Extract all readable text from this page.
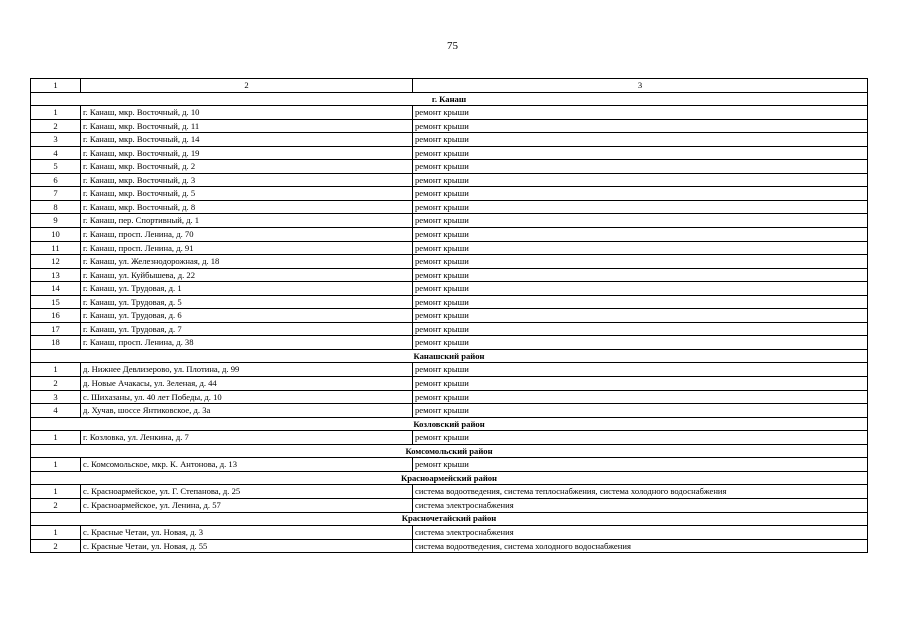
75
1	2	3
г. Канаш		
1	г. Канаш, мкр. Восточный, д. 10	ремонт крыши
2	г. Канаш, мкр. Восточный, д. 11	ремонт крыши
3	г. Канаш, мкр. Восточный, д. 14	ремонт крыши
4	г. Канаш, мкр. Восточный, д. 19	ремонт крыши
5	г. Канаш, мкр. Восточный, д. 2	ремонт крыши
6	г. Канаш, мкр. Восточный, д. 3	ремонт крыши
7	г. Канаш, мкр. Восточный, д. 5	ремонт крыши
8	г. Канаш, мкр. Восточный, д. 8	ремонт крыши
9	г. Канаш, пер. Спортивный, д. 1	ремонт крыши
10	г. Канаш, просп. Ленина, д. 70	ремонт крыши
11	г. Канаш, просп. Ленина, д. 91	ремонт крыши
12	г. Канаш, ул. Железнодорожная, д. 18	ремонт крыши
13	г. Канаш, ул. Куйбышева, д. 22	ремонт крыши
14	г. Канаш, ул. Трудовая, д. 1	ремонт крыши
15	г. Канаш, ул. Трудовая, д. 5	ремонт крыши
16	г. Канаш, ул. Трудовая, д. 6	ремонт крыши
17	г. Канаш, ул. Трудовая, д. 7	ремонт крыши
18	г. Канаш, просп. Ленина, д. 38	ремонт крыши
Канашский район		
1	д. Нижнее Девлизерово, ул. Плотина, д. 99	ремонт крыши
2	д. Новые Ачакасы, ул. Зеленая, д. 44	ремонт крыши
3	с. Шихазаны, ул. 40 лет Победы, д. 10	ремонт крыши
4	д. Хучав, шоссе Янтиковское, д. 3а	ремонт крыши
Козловский район		
1	г. Козловка, ул. Ленкина, д. 7	ремонт крыши
Комсомольский район		
1	с. Комсомольское, мкр. К. Антонова, д. 13	ремонт крыши
Красноармейский район		
1	с. Красноармейское, ул. Г. Степанова, д. 25	система водоотведения, система теплоснабжения, система холодного водоснабжения
2	с. Красноармейское, ул. Ленина, д. 57	система электроснабжения
Красночетайский район		
1	с. Красные Четаи, ул. Новая, д. 3	система электроснабжения
2	с. Красные Четаи, ул. Новая, д. 55	система водоотведения, система холодного водоснабжения
